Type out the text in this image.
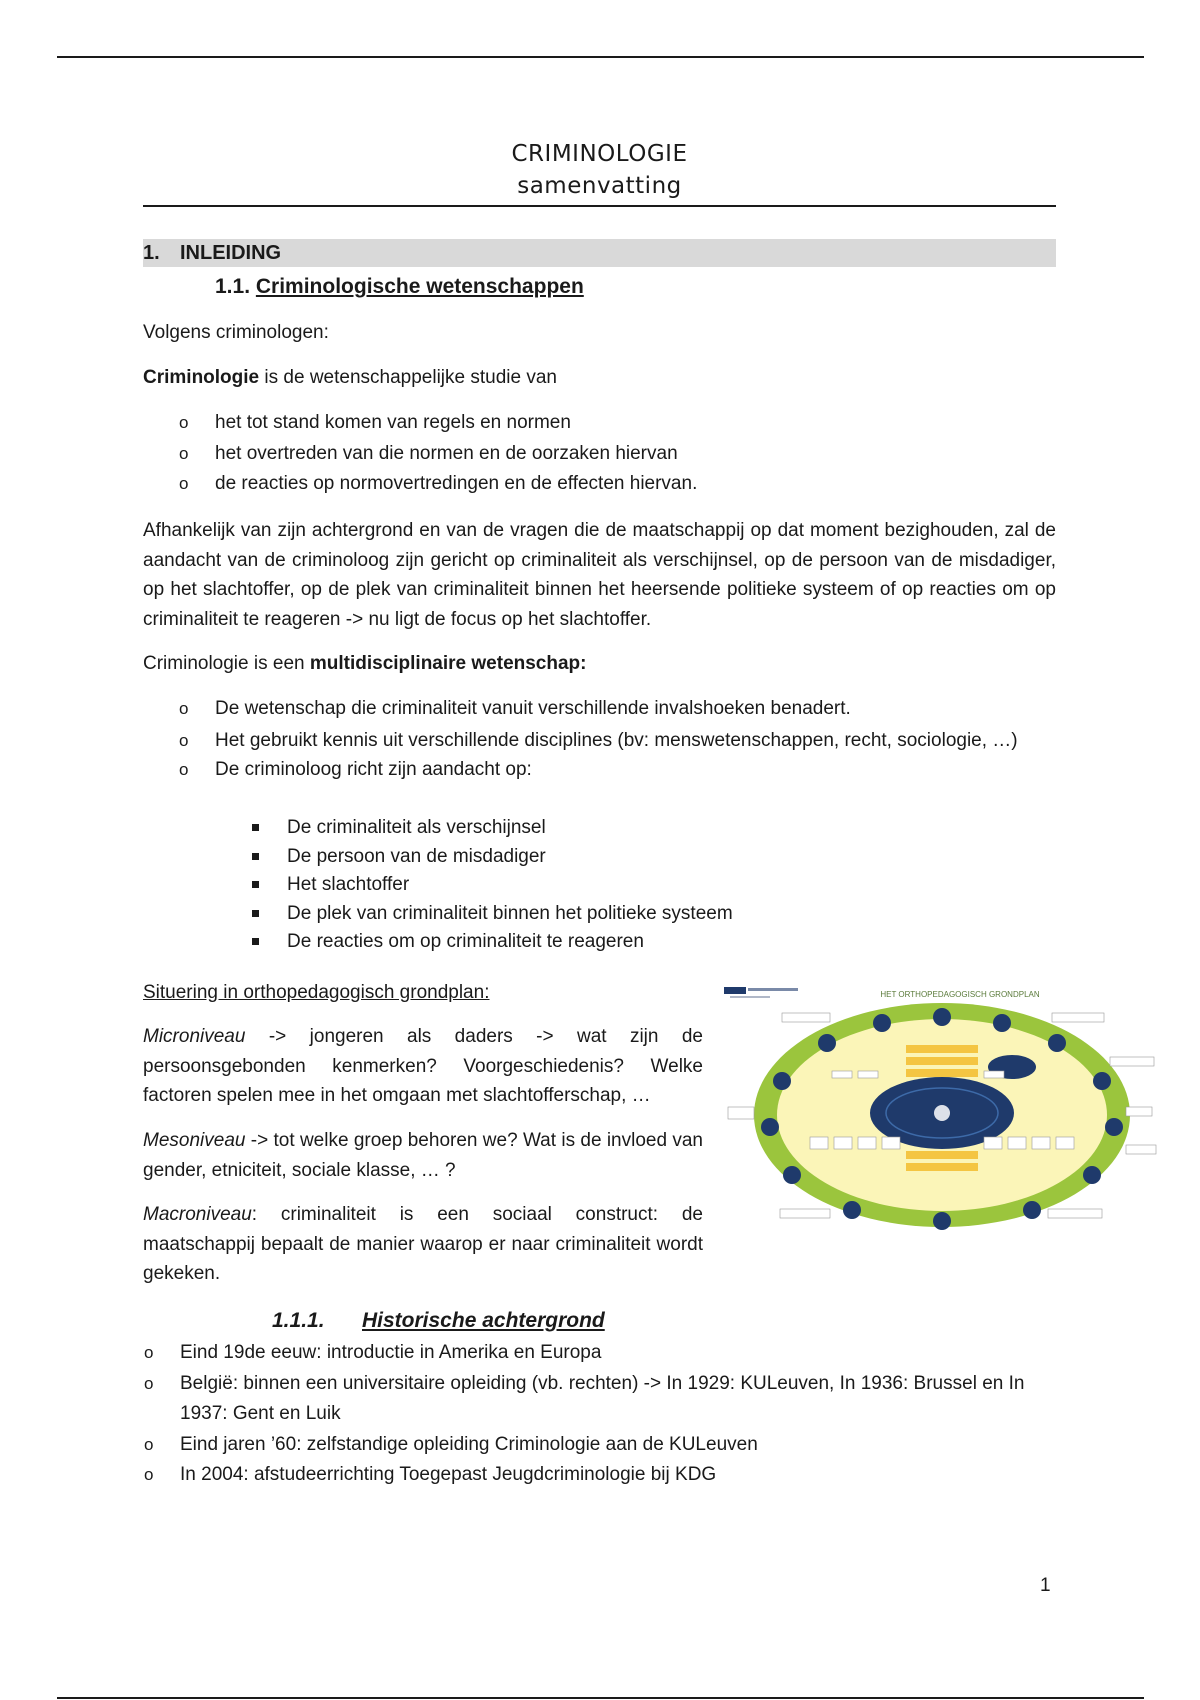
CRIMINOLOGIE
samenvatting
1. INLEIDING
1.1. Criminologische wetenschappen
Volgens criminologen:
Criminologie is de wetenschappelijke studie van
o het tot stand komen van regels en normen
o het overtreden van die normen en de oorzaken hiervan
o de reacties op normovertredingen en de effecten hiervan.
Afhankelijk van zijn achtergrond en van de vragen die de maatschappij op dat moment bezighouden, zal de aandacht van de criminoloog zijn gericht op criminaliteit als verschijnsel, op de persoon van de misdadiger, op het slachtoffer, op de plek van criminaliteit binnen het heersende politieke systeem of op reacties om op criminaliteit te reageren -> nu ligt de focus op het slachtoffer.
Criminologie is een multidisciplinaire wetenschap:
o De wetenschap die criminaliteit vanuit verschillende invalshoeken benadert.
o Het gebruikt kennis uit verschillende disciplines (bv: menswetenschappen, recht, sociologie, …)
o De criminoloog richt zijn aandacht op:
De criminaliteit als verschijnsel
De persoon van de misdadiger
Het slachtoffer
De plek van criminaliteit binnen het politieke systeem
De reacties om op criminaliteit te reageren
Situering in orthopedagogisch grondplan:
Microniveau -> jongeren als daders -> wat zijn de persoonsgebonden kenmerken? Voorgeschiedenis? Welke factoren spelen mee in het omgaan met slachtofferschap, …
Mesoniveau -> tot welke groep behoren we? Wat is de invloed van gender, etniciteit, sociale klasse, … ?
Macroniveau: criminaliteit is een sociaal construct: de maatschappij bepaalt de manier waarop er naar criminaliteit wordt gekeken.
HET ORTHOPEDAGOGISCH GRONDPLAN
1.1.1. Historische achtergrond
o Eind 19de eeuw: introductie in Amerika en Europa
o België: binnen een universitaire opleiding (vb. rechten) -> In 1929: KULeuven, In 1936: Brussel en In 1937: Gent en Luik
o Eind jaren ’60: zelfstandige opleiding Criminologie aan de KULeuven
o In 2004: afstudeerrichting Toegepast Jeugdcriminologie bij KDG
1
